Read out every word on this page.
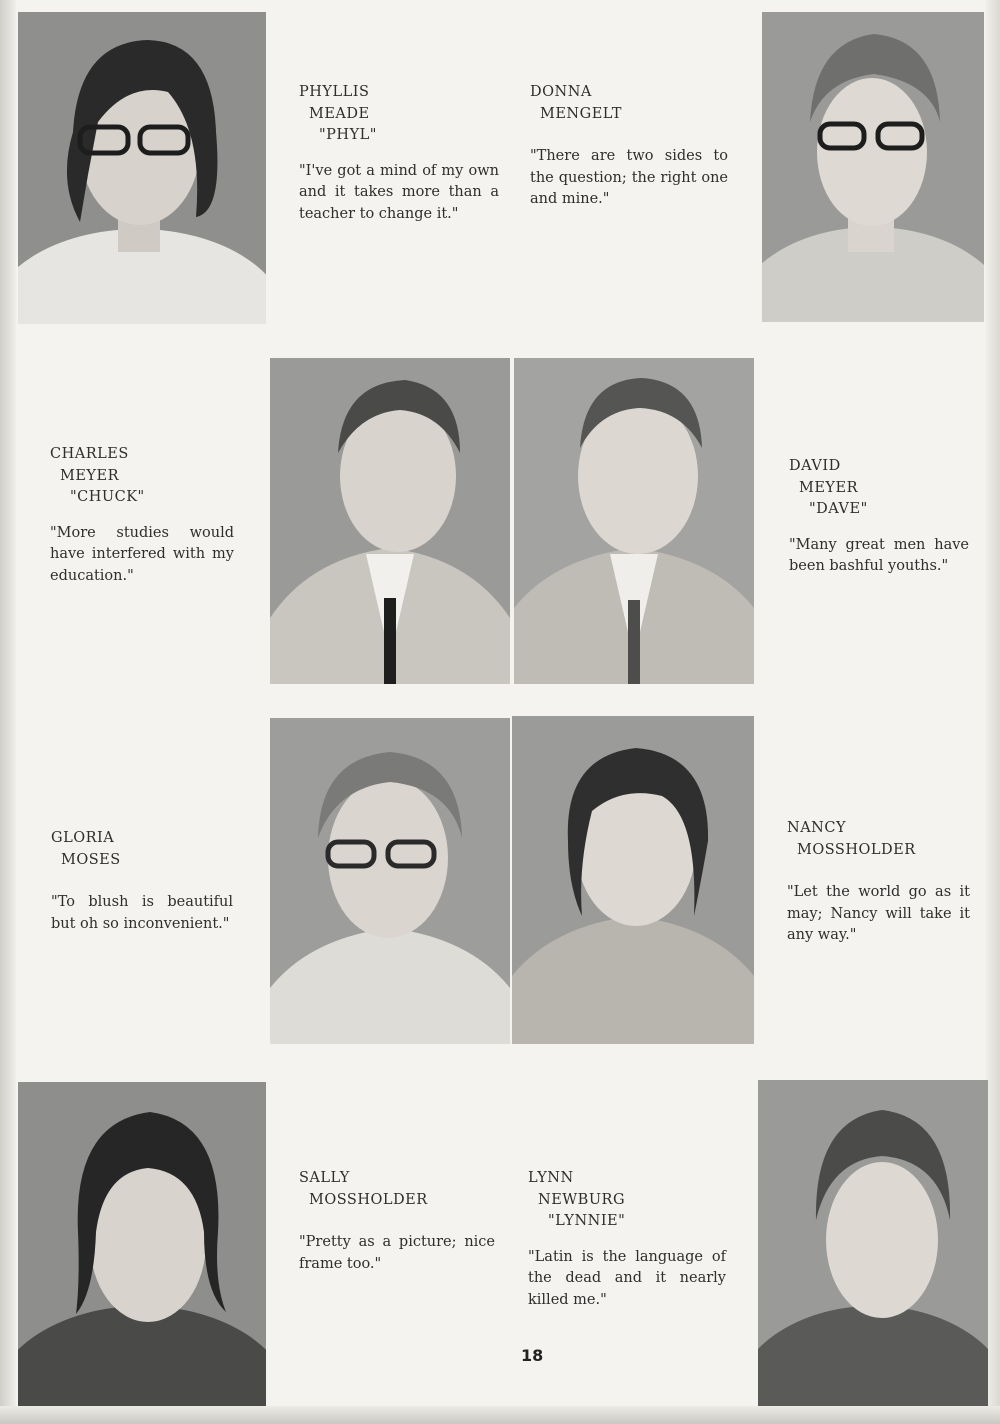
PHYLLIS
MEADE
"PHYL"
"I've got a mind of my own and it takes more than a teacher to change it."
DONNA
MENGELT
"There are two sides to the question; the right one and mine."
CHARLES
MEYER
"CHUCK"
"More studies would have interfered with my education."
DAVID
MEYER
"DAVE"
"Many great men have been bashful youths."
GLORIA
MOSES
"To blush is beautiful but oh so inconvenient."
NANCY
MOSSHOLDER
"Let the world go as it may; Nancy will take it any way."
SALLY
MOSSHOLDER
"Pretty as a picture; nice frame too."
LYNN
NEWBURG
"LYNNIE"
"Latin is the language of the dead and it nearly killed me."
18
